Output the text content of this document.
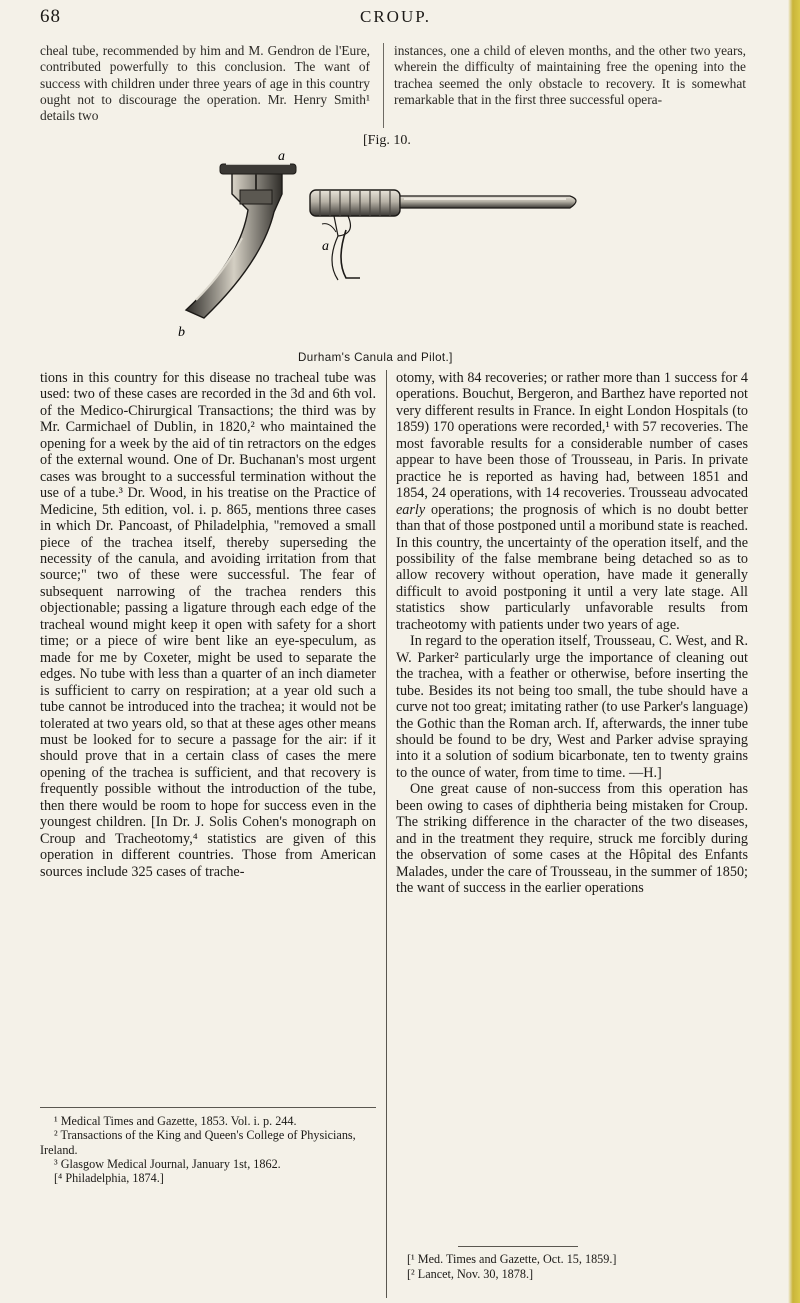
68	CROUP.

cheal tube, recommended by him and M. Gendron de l'Eure, contributed powerfully to this conclusion. The want of success with children under three years of age in this country ought not to discourage the operation. Mr. Henry Smith¹ details two

instances, one a child of eleven months, and the other two years, wherein the difficulty of maintaining free the opening into the trachea seemed the only obstacle to recovery. It is somewhat remarkable that in the first three successful opera-

[Fig. 10.
a
a
b
Durham's Canula and Pilot.]

tions in this country for this disease no tracheal tube was used: two of these cases are recorded in the 3d and 6th vol. of the Medico-Chirurgical Transactions; the third was by Mr. Carmichael of Dublin, in 1820,² who maintained the opening for a week by the aid of tin retractors on the edges of the external wound. One of Dr. Buchanan's most urgent cases was brought to a successful termination without the use of a tube.³ Dr. Wood, in his treatise on the Practice of Medicine, 5th edition, vol. i. p. 865, mentions three cases in which Dr. Pancoast, of Philadelphia, "removed a small piece of the trachea itself, thereby superseding the necessity of the canula, and avoiding irritation from that source;" two of these were successful. The fear of subsequent narrowing of the trachea renders this objectionable; passing a ligature through each edge of the tracheal wound might keep it open with safety for a short time; or a piece of wire bent like an eye-speculum, as made for me by Coxeter, might be used to separate the edges. No tube with less than a quarter of an inch diameter is sufficient to carry on respiration; at a year old such a tube cannot be introduced into the trachea; it would not be tolerated at two years old, so that at these ages other means must be looked for to secure a passage for the air: if it should prove that in a certain class of cases the mere opening of the trachea is sufficient, and that recovery is frequently possible without the introduction of the tube, then there would be room to hope for success even in the youngest children. [In Dr. J. Solis Cohen's monograph on Croup and Tracheotomy,⁴ statistics are given of this operation in different countries. Those from American sources include 325 cases of trache-

¹ Medical Times and Gazette, 1853. Vol. i. p. 244.

² Transactions of the King and Queen's College of Physicians, Ireland.

³ Glasgow Medical Journal, January 1st, 1862.

[⁴ Philadelphia, 1874.]

otomy, with 84 recoveries; or rather more than 1 success for 4 operations. Bouchut, Bergeron, and Barthez have reported not very different results in France. In eight London Hospitals (to 1859) 170 operations were recorded,¹ with 57 recoveries. The most favorable results for a considerable number of cases appear to have been those of Trousseau, in Paris. In private practice he is reported as having had, between 1851 and 1854, 24 operations, with 14 recoveries. Trousseau advocated early operations; the prognosis of which is no doubt better than that of those postponed until a moribund state is reached. In this country, the uncertainty of the operation itself, and the possibility of the false membrane being detached so as to allow recovery without operation, have made it generally difficult to avoid postponing it until a very late stage. All statistics show particularly unfavorable results from tracheotomy with patients under two years of age.

In regard to the operation itself, Trousseau, C. West, and R. W. Parker² particularly urge the importance of cleaning out the trachea, with a feather or otherwise, before inserting the tube. Besides its not being too small, the tube should have a curve not too great; imitating rather (to use Parker's language) the Gothic than the Roman arch. If, afterwards, the inner tube should be found to be dry, West and Parker advise spraying into it a solution of sodium bicarbonate, ten to twenty grains to the ounce of water, from time to time. —H.]

One great cause of non-success from this operation has been owing to cases of diphtheria being mistaken for Croup. The striking difference in the character of the two diseases, and in the treatment they require, struck me forcibly during the observation of some cases at the Hôpital des Enfants Malades, under the care of Trousseau, in the summer of 1850; the want of success in the earlier operations

[¹ Med. Times and Gazette, Oct. 15, 1859.]

[² Lancet, Nov. 30, 1878.]
